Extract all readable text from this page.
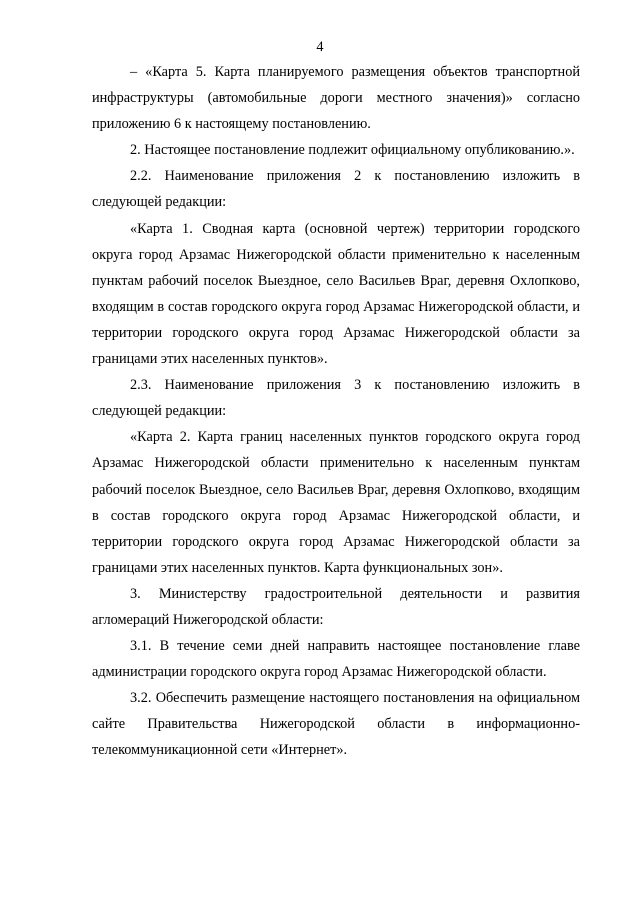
4

– «Карта 5. Карта планируемого размещения объектов транспортной инфраструктуры (автомобильные дороги местного значения)» согласно приложению 6 к настоящему постановлению.

2. Настоящее постановление подлежит официальному опубликованию.».

2.2. Наименование приложения 2 к постановлению изложить в следующей редакции:

«Карта 1. Сводная карта (основной чертеж) территории городского округа город Арзамас Нижегородской области применительно к населенным пунктам рабочий поселок Выездное, село Васильев Враг, деревня Охлопково, входящим в состав городского округа город Арзамас Нижегородской области, и территории городского округа город Арзамас Нижегородской области за границами этих населенных пунктов».

2.3. Наименование приложения 3 к постановлению изложить в следующей редакции:

«Карта 2. Карта границ населенных пунктов городского округа город Арзамас Нижегородской области применительно к населенным пунктам рабочий поселок Выездное, село Васильев Враг, деревня Охлопково, входящим в состав городского округа город Арзамас Нижегородской области, и территории городского округа город Арзамас Нижегородской области за границами этих населенных пунктов. Карта функциональных зон».

3. Министерству градостроительной деятельности и развития агломераций Нижегородской области:

3.1. В течение семи дней направить настоящее постановление главе администрации городского округа город Арзамас Нижегородской области.

3.2. Обеспечить размещение настоящего постановления на официальном сайте Правительства Нижегородской области в информационно-телекоммуникационной сети «Интернет».
